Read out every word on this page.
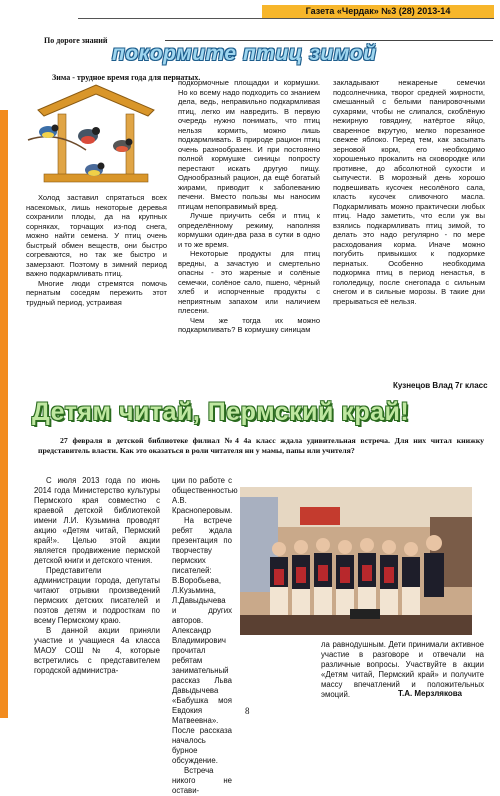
Газета «Чердак» №3 (28) 2013-14
По дороге знаний
покормите птиц зимой
Зима - трудное время года для пернатых.

Холод заставил спрятаться всех насекомых, лишь некоторые деревья сохранили плоды, да на крупных сорняках, торчащих из-под снега, можно найти семена. У птиц очень быстрый обмен веществ, они быстро согреваются, но так же быстро и замерзают. Поэтому в зимний период важно подкармливать птиц.

Многие люди стремятся помочь пернатым соседям пережить этот трудный период, устраивая

подкормочные площадки и кормушки. Но ко всему надо подходить со знанием дела, ведь, неправильно подкармливая птиц, легко им навредить. В первую очередь нужно понимать, что птиц нельзя кормить, можно лишь подкармливать. В природе рацион птиц очень разнообразен. И при постоянно полной кормушке синицы попросту перестают искать другую пищу. Однообразный рацион, да ещё богатый жирами, приводит к заболеванию печени. Вместо пользы мы наносим птицам непоправимый вред.

Лучше приучить себя и птиц к определённому режиму, наполняя кормушки один-два раза в сутки в одно и то же время.

Некоторые продукты для птиц вредны, а зачастую и смертельно опасны - это жареные и солёные семечки, солёное сало, пшено, чёрный хлеб и испорченные продукты с неприятным запахом или наличием плесени.

Чем же тогда их можно подкармливать? В кормушку синицам

закладывают нежареные семечки подсолнечника, творог средней жирности, смешанный с белыми панировочными сухарями, чтобы не слипался, скоблёную нежирную говядину, натёртое яйцо, сваренное вкрутую, мелко порезанное свежее яблоко. Перед тем, как засыпать зерновой корм, его необходимо хорошенько прокалить на сковородке или противне, до абсолютной сухости и сыпучести. В морозный день хорошо подвешивать кусочек несолёного сала, класть кусочек сливочного масла. Подкармливать можно практически любых птиц. Надо заметить, что если уж вы взялись подкармливать птиц зимой, то делать это надо регулярно - по мере расходования корма. Иначе можно погубить привыкших к подкормке пернатых. Особенно необходима подкормка птиц в период ненастья, в гололедицу, после снегопада с сильным снегом и в сильные морозы. В такие дни прерываться её нельзя.

Кузнецов Влад 7г класс
Детям читай, Пермский край!
27 февраля в детской библиотеке филиал №4 4а класс ждала удивительная встреча. Для них читал книжку представитель власти. Как это оказаться в роли читателя ни у мамы, папы или учителя?

С июля 2013 года по июнь 2014 года Министерство культуры Пермского края совместно с краевой детской библиотекой имени Л.И. Кузьмина проводят акцию «Детям читай, Пермский край!». Целью этой акции является продвижение пермской детской книги и детского чтения.

Представители администрации города, депутаты читают отрывки произведений пермских детских писателей и поэтов детям и подросткам по всему Пермскому краю.

В данной акции приняли участие и учащиеся 4а класса МАОУ СОШ № 4, которые встретились с представителем городской администра-

ции по работе с общественностью А.В. Красноперовым.

На встрече ребят ждала презентация по творчеству пермских писателей: В.Воробьева, Л.Кузьмина, Л.Давыдычева и других авторов. Александр Владимирович прочитал ребятам занимательный рассказ Льва Давыдычева «Бабушка моя Евдокия Матвеевна». После рассказа началось бурное обсуждение.

Встреча никого не остави-

ла равнодушным. Дети принимали активное участие в разговоре и отвечали на различные вопросы. Участвуйте в акции «Детям читай, Пермский край» и получите массу впечатлений и положительных эмоций.	Т.А. Мерзлякова
8
